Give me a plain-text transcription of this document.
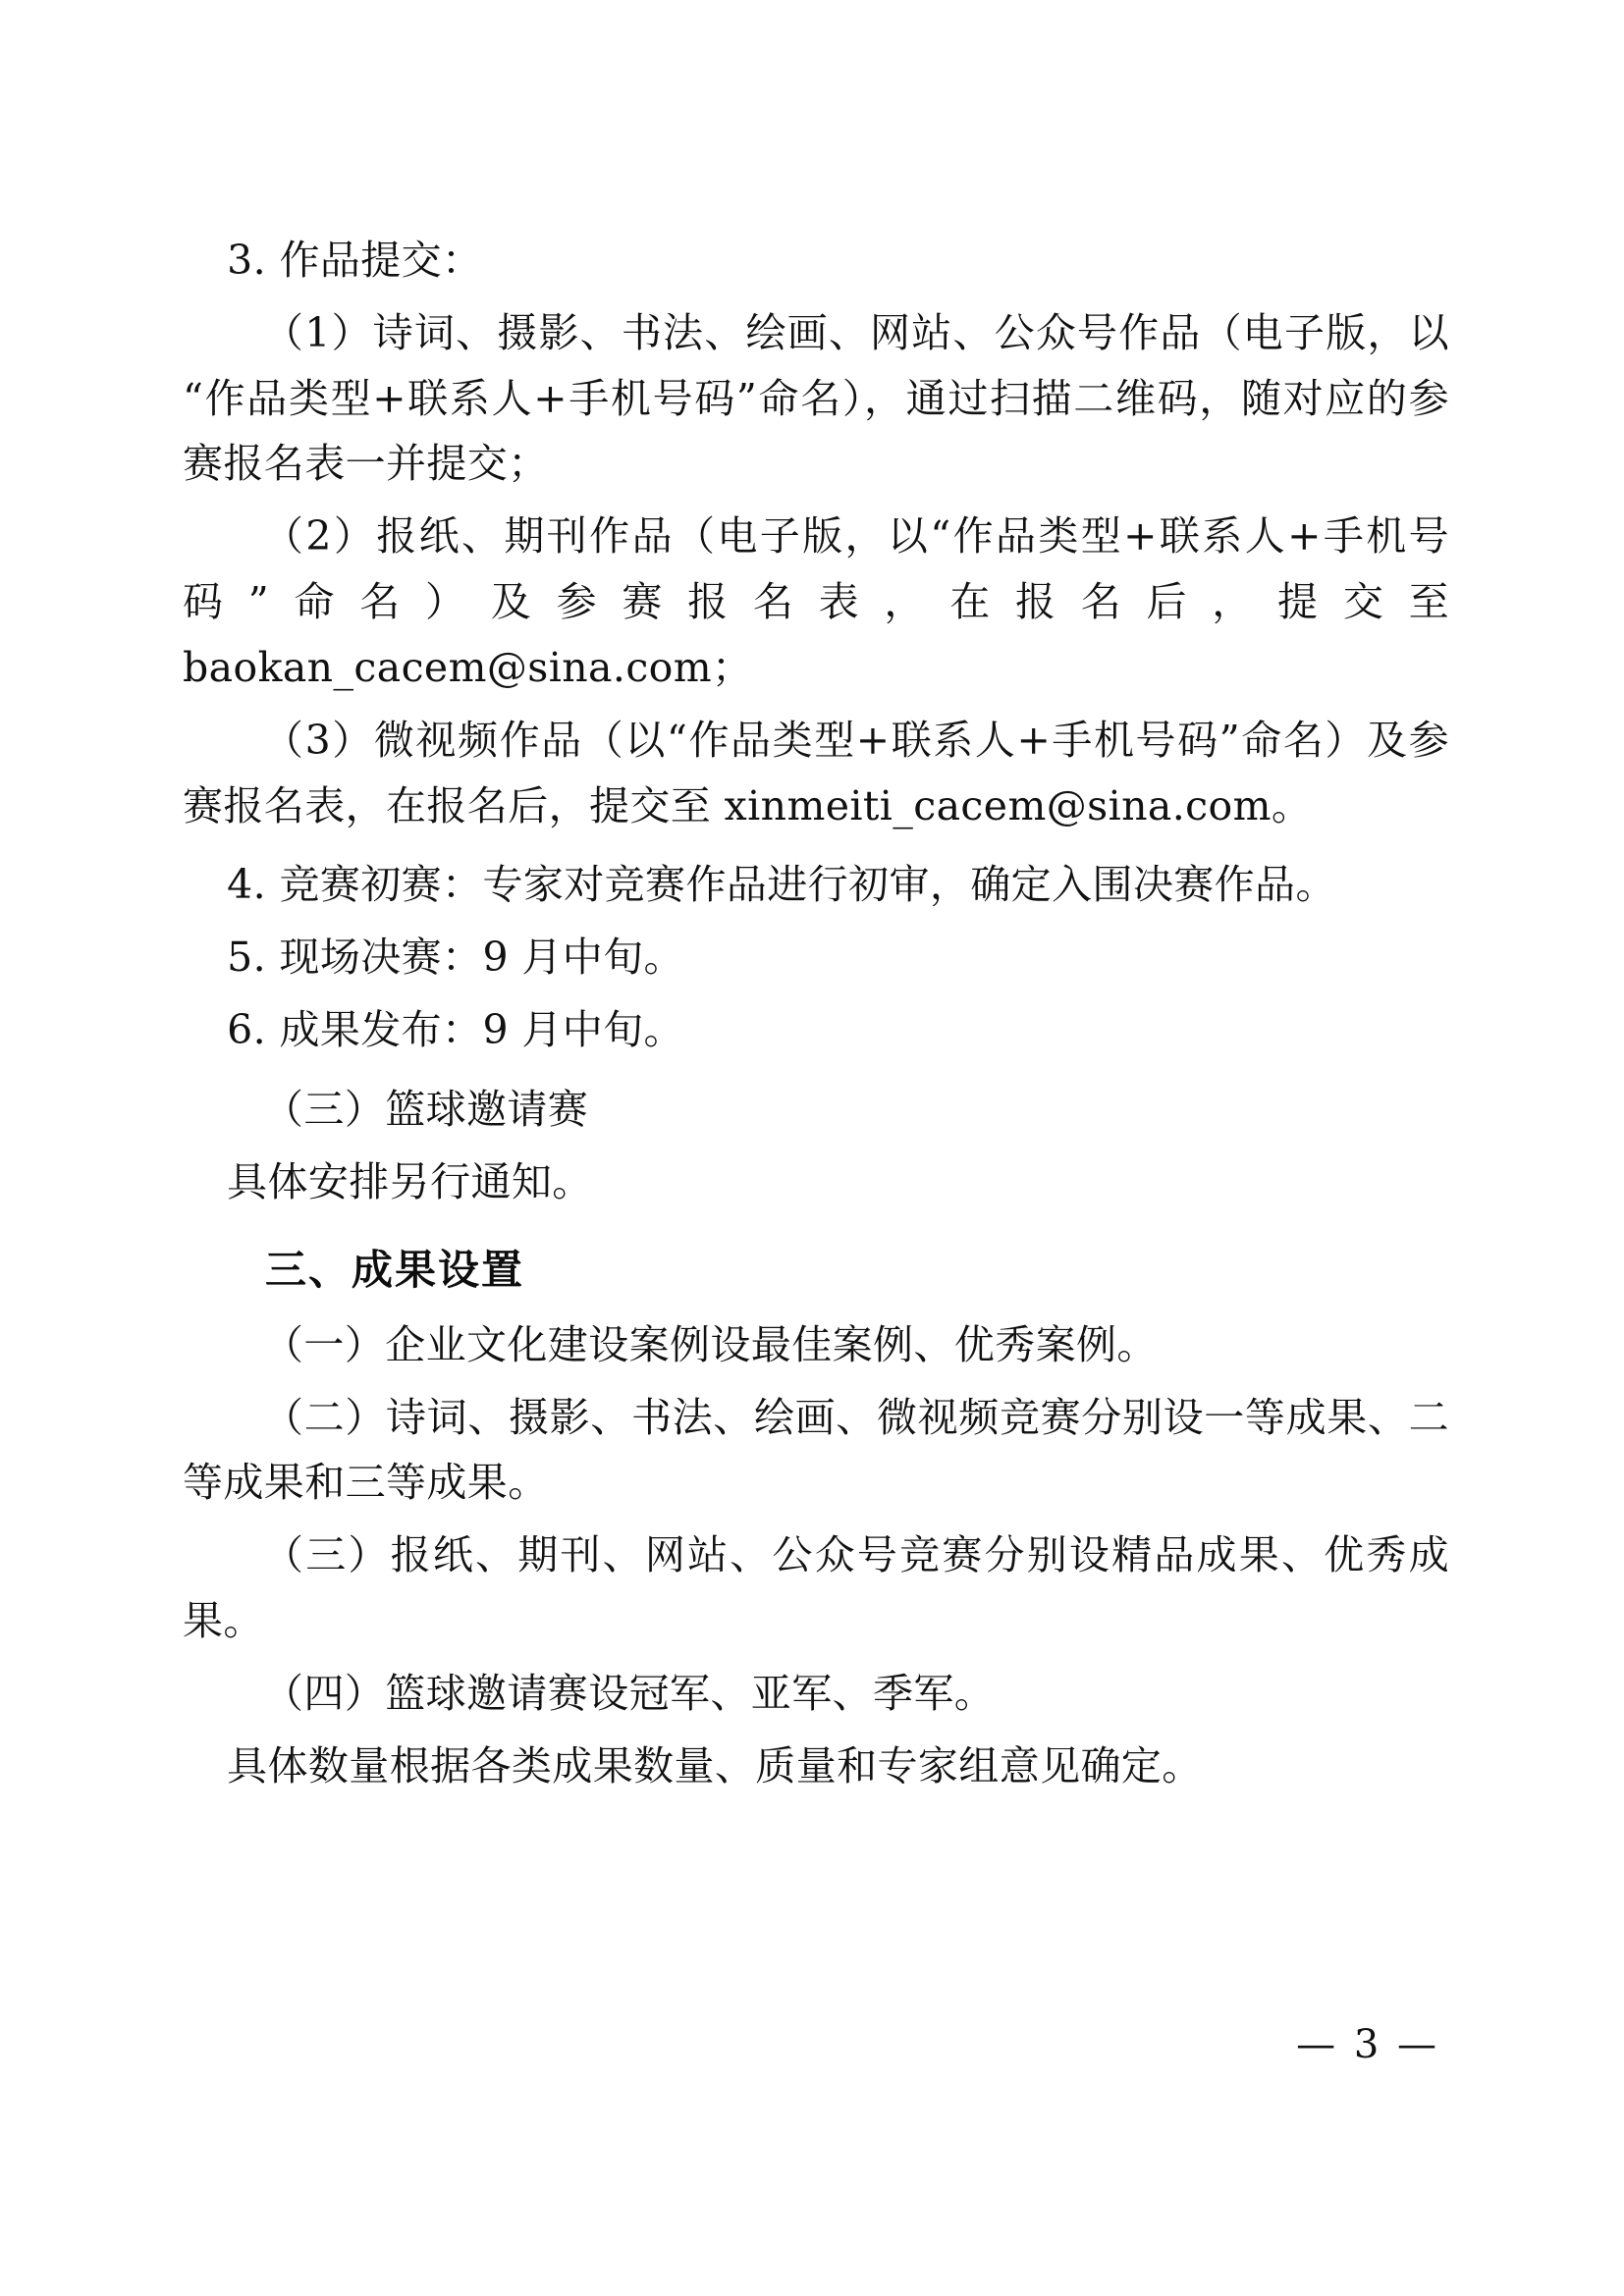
3. 作品提交：

（1）诗词、摄影、书法、绘画、网站、公众号作品（电子版，以“作品类型+联系人+手机号码”命名），通过扫描二维码，随对应的参赛报名表一并提交；

（2）报纸、期刊作品（电子版，以“作品类型+联系人+手机号码”命名）及参赛报名表，在报名后，提交至 baokan_cacem@sina.com；

（3）微视频作品（以“作品类型+联系人+手机号码”命名）及参赛报名表，在报名后，提交至 xinmeiti_cacem@sina.com。

4. 竞赛初赛：专家对竞赛作品进行初审，确定入围决赛作品。

5. 现场决赛：9 月中旬。

6. 成果发布：9 月中旬。

（三）篮球邀请赛

具体安排另行通知。

三、成果设置

（一）企业文化建设案例设最佳案例、优秀案例。

（二）诗词、摄影、书法、绘画、微视频竞赛分别设一等成果、二等成果和三等成果。

（三）报纸、期刊、网站、公众号竞赛分别设精品成果、优秀成果。

（四）篮球邀请赛设冠军、亚军、季军。

具体数量根据各类成果数量、质量和专家组意见确定。

— 3 —
